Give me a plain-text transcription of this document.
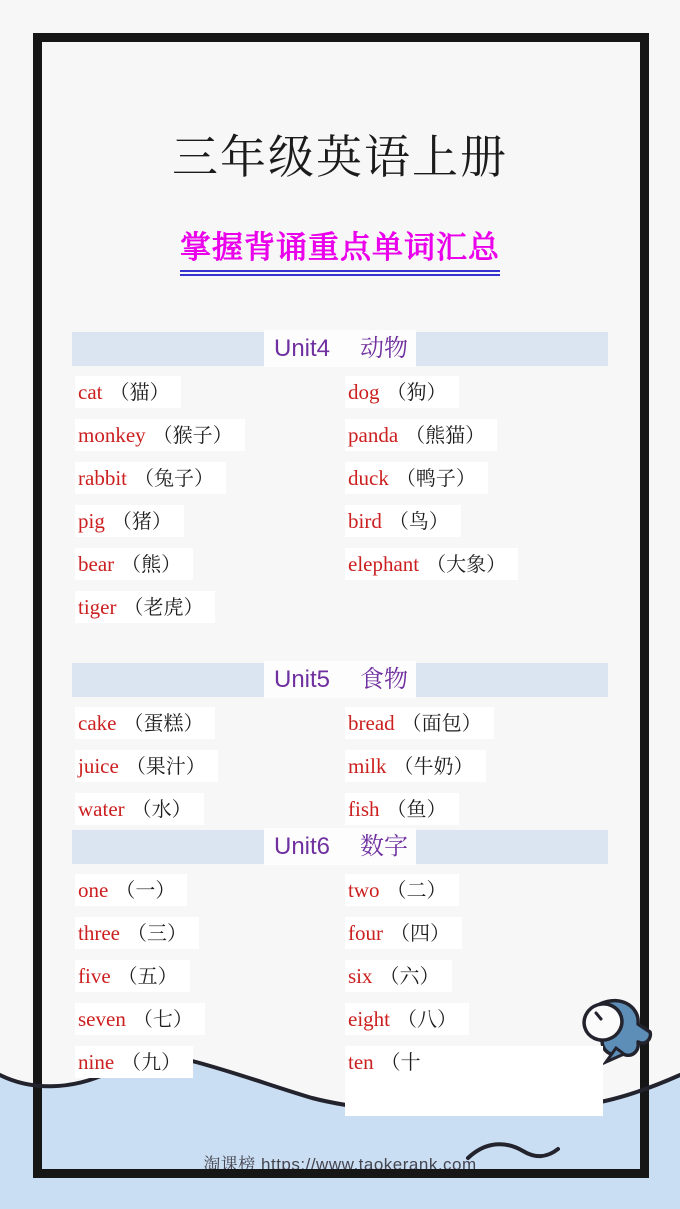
淘课榜 https://www.taokerank.com
三年级英语上册
掌握背诵重点单词汇总
Unit4 动物
cat （猫）	dog （狗）
monkey （猴子）	panda （熊猫）
rabbit （兔子）	duck （鸭子）
pig （猪）	bird （鸟）
bear （熊）	elephant （大象）
tiger （老虎）
Unit5 食物
cake （蛋糕）	bread （面包）
juice （果汁）	milk （牛奶）
water （水）	fish （鱼）
Unit6 数字
one （一）	two （二）
three （三）	four （四）
five （五）	six （六）
seven （七）	eight （八）
nine （九）	ten （十
